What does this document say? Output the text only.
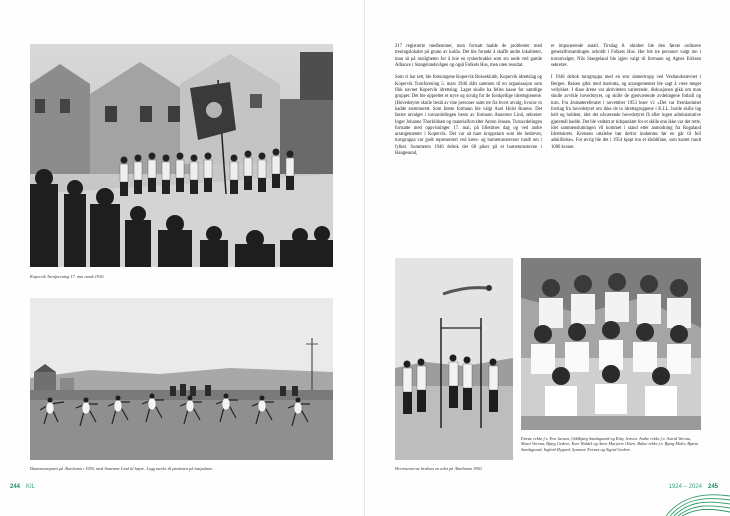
Kopervik Turnforening 17. mai rundt 1930.
Damenturnparti på Åkrehamn i 1950, med Annemor Lind til høyre. Legg merke til pianisten på lastpalane.
244 KIL

217 registrerte medlemmer, men fortsatt hadde de problemer med treningslokalet på grunn av kulda. Det ble forsøkt å skaffe andre lokaliteter, man så på muligheten for å leie en tyskerbrakke som sto nede ved gamle Alliance i Stangelandsvågen og også Folkets Hus, men uten resultat.

Som vi har sett, ble foreningene Kopervik Bokseklubb, Kopervik idrettslag og Kopervik Turnforening 5. mars 1946 slått sammen til en organisasjon som fikk navnet Kopervik idrettslag. Laget skulle ha felles kasse for samtlige grupper. Det ble opprettet et styre og utvalg for de forskjellige idrettsgrenene. (Hovedstyret skulle bestå av tine personer samt tre fra hvert utvalg, hvorav to hadde stemmerett. Som første formann ble valgt Axel Holst Roness. Det første utvalget i turnavdelingen besto av formann Annemor Lind, sekretær Inger Johanne Thorkildsen og materialforvalter Anton Jensen. Turnavdelingen fortsatte med oppvisninger 17. mai, på lilletimes dag og ved andre arrangementer i Kopervik. Det var nå bare kroppsturn som ble bedrevet, turngruppa var godt representert ved krets- og barneturnstevner rundt om i fylket. Sommeren 1946 deltok det 68 piker på et barneturnstevne i Haugesund,

et imponerende antall. Tirsdag 8. oktober ble den første ordinære generalforsamlingen avholdt i Folkets Hus. Her ble tre personer valgt inn i turnutvalget, Nils Stangeland ble igjen valgt til formann og Agnes Eriksen sekretær.

I 1948 deltok turngruppa med en stor damertropp ved Vestlandsstevnet i Bergen. Reisen gikk med matrutta, og arrangementet ble sagt å være meget vellykket. I disse årene var aktiviteten varierende, diskusjonen gikk om man skulle avvikle hovedstyret, og skille de gjenværende avdelingene fotball og turn. Fra årsmøtereferatet i november 1953 leser vi: «Det var fremkommet forslag fra hovedstyret om ikke de to idrettsgruppene i K.I.L. burde skille lag helt og holdent, idet det nåværende hovedstyret få eller ingen administrative gjøremål hadde. Det ble vedtatt at tidspunktet for et skille enn ikke var det rette, idet sammenslutningen vil kommet i stand etter anmodning fra Rogaland Idrettskrets. Kretsens uttalelse bør derfor innhentes før en går til full adskillelse». For øvrig ble det i 1954 kjøpt inn et klubbfane, som kostet rundt 1000 kroner.

Herreturnerne bivånes en atlet på Åkrehamn 1950.
Første rekke f.v. Eva Jansen, Oddbjørg Sandsgaard og Kitty Jensen. Andre rekke f.v. Astrid Varvau, Marit Vorvau, Bjørg Gedere, Kari Waldel og Anne Marjorie Olsen. Bakre rekke f.v. Bjørg Moltv, Bjørta Sandsgaard, Ingleid Øygard, Synnøve Evenes og Sigrid Gedere.
1924 – 2024 245
